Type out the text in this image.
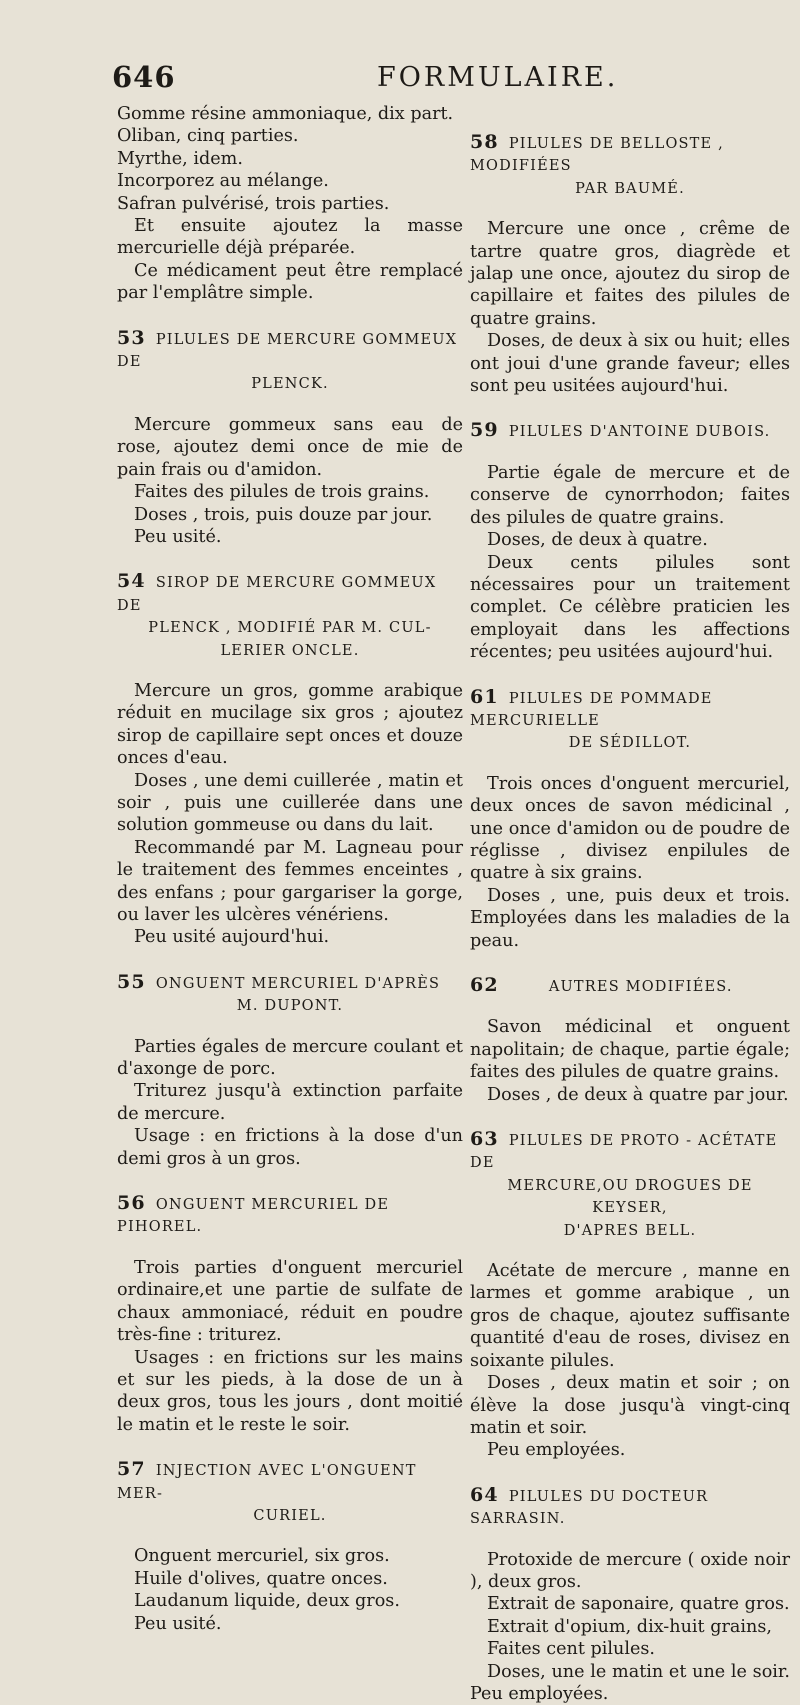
646	FORMULAIRE.

Gomme résine ammoniaque, dix part.

Oliban, cinq parties.

Myrthe, idem.

Incorporez au mélange.

Safran pulvérisé, trois parties.

Et ensuite ajoutez la masse mercurielle déjà préparée.

Ce médicament peut être remplacé par l'emplâtre simple.

53 PILULES DE MERCURE GOMMEUX DE
PLENCK.

Mercure gommeux sans eau de rose, ajoutez demi once de mie de pain frais ou d'amidon.

Faites des pilules de trois grains.

Doses , trois, puis douze par jour.

Peu usité.

54 SIROP DE MERCURE GOMMEUX DE
PLENCK , MODIFIÉ PAR M. CUL-
LERIER ONCLE.

Mercure un gros, gomme arabique réduit en mucilage six gros ; ajoutez sirop de capillaire sept onces et douze onces d'eau.

Doses , une demi cuillerée , matin et soir , puis une cuillerée dans une solution gommeuse ou dans du lait.

Recommandé par M. Lagneau pour le traitement des femmes enceintes , des enfans ; pour gargariser la gorge, ou laver les ulcères vénériens.

Peu usité aujourd'hui.

55 ONGUENT MERCURIEL D'APRÈS
M. DUPONT.

Parties égales de mercure coulant et d'axonge de porc.

Triturez jusqu'à extinction parfaite de mercure.

Usage : en frictions à la dose d'un demi gros à un gros.

56 ONGUENT MERCURIEL DE PIHOREL.

Trois parties d'onguent mercuriel ordinaire,et une partie de sulfate de chaux ammoniacé, réduit en poudre très-fine : triturez.

Usages : en frictions sur les mains et sur les pieds, à la dose de un à deux gros, tous les jours , dont moitié le matin et le reste le soir.

57 INJECTION AVEC L'ONGUENT MER-
CURIEL.

Onguent mercuriel, six gros.

Huile d'olives, quatre onces.

Laudanum liquide, deux gros.

Peu usité.

58 PILULES DE BELLOSTE , MODIFIÉES
PAR BAUMÉ.

Mercure une once , crême de tartre quatre gros, diagrède et jalap une once, ajoutez du sirop de capillaire et faites des pilules de quatre grains.

Doses, de deux à six ou huit; elles ont joui d'une grande faveur; elles sont peu usitées aujourd'hui.

59 PILULES D'ANTOINE DUBOIS.

Partie égale de mercure et de conserve de cynorrhodon; faites des pilules de quatre grains.

Doses, de deux à quatre.

Deux cents pilules sont nécessaires pour un traitement complet. Ce célèbre praticien les employait dans les affections récentes; peu usitées aujourd'hui.

61 PILULES DE POMMADE MERCURIELLE
DE SÉDILLOT.

Trois onces d'onguent mercuriel, deux onces de savon médicinal , une once d'amidon ou de poudre de réglisse , divisez enpilules de quatre à six grains.

Doses , une, puis deux et trois. Employées dans les maladies de la peau.

62	AUTRES MODIFIÉES.

Savon médicinal et onguent napolitain; de chaque, partie égale; faites des pilules de quatre grains.

Doses , de deux à quatre par jour.

63 PILULES DE PROTO - ACÉTATE DE
MERCURE,OU DROGUES DE KEYSER,
D'APRES BELL.

Acétate de mercure , manne en larmes et gomme arabique , un gros de chaque, ajoutez suffisante quantité d'eau de roses, divisez en soixante pilules.

Doses , deux matin et soir ; on élève la dose jusqu'à vingt-cinq matin et soir.

Peu employées.

64 PILULES DU DOCTEUR SARRASIN.

Protoxide de mercure ( oxide noir ), deux gros.

Extrait de saponaire, quatre gros.

Extrait d'opium, dix-huit grains,

Faites cent pilules.

Doses, une le matin et une le soir. Peu employées.
